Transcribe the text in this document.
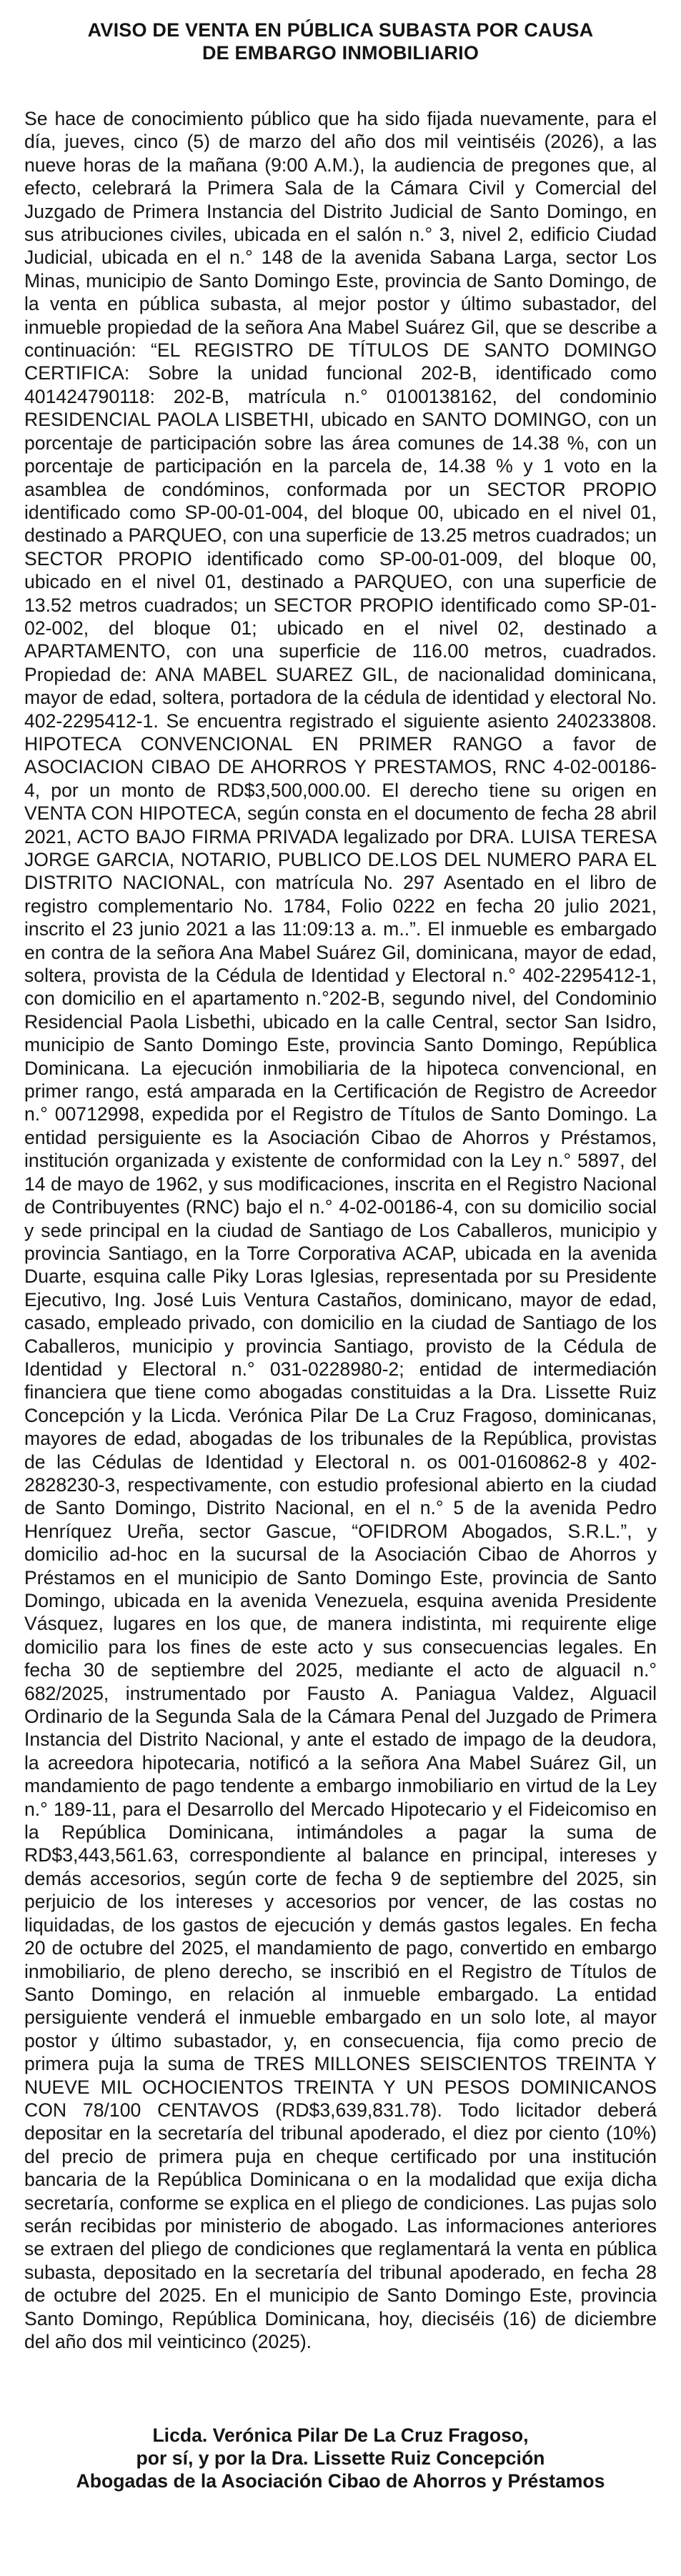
AVISO DE VENTA EN PÚBLICA SUBASTA POR CAUSA
DE EMBARGO INMOBILIARIO

Se hace de conocimiento público que ha sido fijada nuevamente, para el día, jueves, cinco (5) de marzo del año dos mil veintiséis (2026), a las nueve horas de la mañana (9:00 A.M.), la audiencia de pregones que, al efecto, celebrará la Primera Sala de la Cámara Civil y Comercial del Juzgado de Primera Instancia del Distrito Judicial de Santo Domingo, en sus atribuciones civiles, ubicada en el salón n.° 3, nivel 2, edificio Ciudad Judicial, ubicada en el n.° 148 de la avenida Sabana Larga, sector Los Minas, municipio de Santo Domingo Este, provincia de Santo Domingo, de la venta en pública subasta, al mejor postor y último subastador, del inmueble propiedad de la señora Ana Mabel Suárez Gil, que se describe a continuación: “EL REGISTRO DE TÍTULOS DE SANTO DOMINGO CERTIFICA: Sobre la unidad funcional 202-B, identificado como 401424790118: 202-B, matrícula n.° 0100138162, del condominio RESIDENCIAL PAOLA LISBETHI, ubicado en SANTO DOMINGO, con un porcentaje de participación sobre las área comunes de 14.38 %, con un porcentaje de participación en la parcela de, 14.38 % y 1 voto en la asamblea de condóminos, conformada por un SECTOR PROPIO identificado como SP-00-01-004, del bloque 00, ubicado en el nivel 01, destinado a PARQUEO, con una superficie de 13.25 metros cuadrados; un SECTOR PROPIO identificado como SP-00-01-009, del bloque 00, ubicado en el nivel 01, destinado a PARQUEO, con una superficie de 13.52 metros cuadrados; un SECTOR PROPIO identificado como SP-01-02-002, del bloque 01; ubicado en el nivel 02, destinado a APARTAMENTO, con una superficie de 116.00 metros, cuadrados. Propiedad de: ANA MABEL SUAREZ GIL, de nacionalidad dominicana, mayor de edad, soltera, portadora de la cédula de identidad y electoral No. 402-2295412-1. Se encuentra registrado el siguiente asiento 240233808. HIPOTECA CONVENCIONAL EN PRIMER RANGO a favor de ASOCIACION CIBAO DE AHORROS Y PRESTAMOS, RNC 4-02-00186-4, por un monto de RD$3,500,000.00. El derecho tiene su origen en VENTA CON HIPOTECA, según consta en el documento de fecha 28 abril 2021, ACTO BAJO FIRMA PRIVADA legalizado por DRA. LUISA TERESA JORGE GARCIA, NOTARIO, PUBLICO DE.LOS DEL NUMERO PARA EL DISTRITO NACIONAL, con matrícula No. 297 Asentado en el libro de registro complementario No. 1784, Folio 0222 en fecha 20 julio 2021, inscrito el 23 junio 2021 a las 11:09:13 a. m..”. El inmueble es embargado en contra de la señora Ana Mabel Suárez Gil, dominicana, mayor de edad, soltera, provista de la Cédula de Identidad y Electoral n.° 402-2295412-1, con domicilio en el apartamento n.°202-B, segundo nivel, del Condominio Residencial Paola Lisbethi, ubicado en la calle Central, sector San Isidro, municipio de Santo Domingo Este, provincia Santo Domingo, República Dominicana. La ejecución inmobiliaria de la hipoteca convencional, en primer rango, está amparada en la Certificación de Registro de Acreedor n.° 00712998, expedida por el Registro de Títulos de Santo Domingo. La entidad persiguiente es la Asociación Cibao de Ahorros y Préstamos, institución organizada y existente de conformidad con la Ley n.° 5897, del 14 de mayo de 1962, y sus modificaciones, inscrita en el Registro Nacional de Contribuyentes (RNC) bajo el n.° 4-02-00186-4, con su domicilio social y sede principal en la ciudad de Santiago de Los Caballeros, municipio y provincia Santiago, en la Torre Corporativa ACAP, ubicada en la avenida Duarte, esquina calle Piky Loras Iglesias, representada por su Presidente Ejecutivo, Ing. José Luis Ventura Castaños, dominicano, mayor de edad, casado, empleado privado, con domicilio en la ciudad de Santiago de los Caballeros, municipio y provincia Santiago, provisto de la Cédula de Identidad y Electoral n.° 031-0228980-2; entidad de intermediación financiera que tiene como abogadas constituidas a la Dra. Lissette Ruiz Concepción y la Licda. Verónica Pilar De La Cruz Fragoso, dominicanas, mayores de edad, abogadas de los tribunales de la República, provistas de las Cédulas de Identidad y Electoral n. os 001-0160862-8 y 402-2828230-3, respectivamente, con estudio profesional abierto en la ciudad de Santo Domingo, Distrito Nacional, en el n.° 5 de la avenida Pedro Henríquez Ureña, sector Gascue, “OFIDROM Abogados, S.R.L.”, y domicilio ad-hoc en la sucursal de la Asociación Cibao de Ahorros y Préstamos en el municipio de Santo Domingo Este, provincia de Santo Domingo, ubicada en la avenida Venezuela, esquina avenida Presidente Vásquez, lugares en los que, de manera indistinta, mi requirente elige domicilio para los fines de este acto y sus consecuencias legales. En fecha 30 de septiembre del 2025, mediante el acto de alguacil n.° 682/2025, instrumentado por Fausto A. Paniagua Valdez, Alguacil Ordinario de la Segunda Sala de la Cámara Penal del Juzgado de Primera Instancia del Distrito Nacional, y ante el estado de impago de la deudora, la acreedora hipotecaria, notificó a la señora Ana Mabel Suárez Gil, un mandamiento de pago tendente a embargo inmobiliario en virtud de la Ley n.° 189-11, para el Desarrollo del Mercado Hipotecario y el Fideicomiso en la República Dominicana, intimándoles a pagar la suma de RD$3,443,561.63, correspondiente al balance en principal, intereses y demás accesorios, según corte de fecha 9 de septiembre del 2025, sin perjuicio de los intereses y accesorios por vencer, de las costas no liquidadas, de los gastos de ejecución y demás gastos legales. En fecha 20 de octubre del 2025, el mandamiento de pago, convertido en embargo inmobiliario, de pleno derecho, se inscribió en el Registro de Títulos de Santo Domingo, en relación al inmueble embargado. La entidad persiguiente venderá el inmueble embargado en un solo lote, al mayor postor y último subastador, y, en consecuencia, fija como precio de primera puja la suma de TRES MILLONES SEISCIENTOS TREINTA Y NUEVE MIL OCHOCIENTOS TREINTA Y UN PESOS DOMINICANOS CON 78/100 CENTAVOS (RD$3,639,831.78). Todo licitador deberá depositar en la secretaría del tribunal apoderado, el diez por ciento (10%) del precio de primera puja en cheque certificado por una institución bancaria de la República Dominicana o en la modalidad que exija dicha secretaría, conforme se explica en el pliego de condiciones. Las pujas solo serán recibidas por ministerio de abogado. Las informaciones anteriores se extraen del pliego de condiciones que reglamentará la venta en pública subasta, depositado en la secretaría del tribunal apoderado, en fecha 28 de octubre del 2025. En el municipio de Santo Domingo Este, provincia Santo Domingo, República Dominicana, hoy, dieciséis (16) de diciembre del año dos mil veinticinco (2025).

Licda. Verónica Pilar De La Cruz Fragoso,
por sí, y por la Dra. Lissette Ruiz Concepción
Abogadas de la Asociación Cibao de Ahorros y Préstamos
